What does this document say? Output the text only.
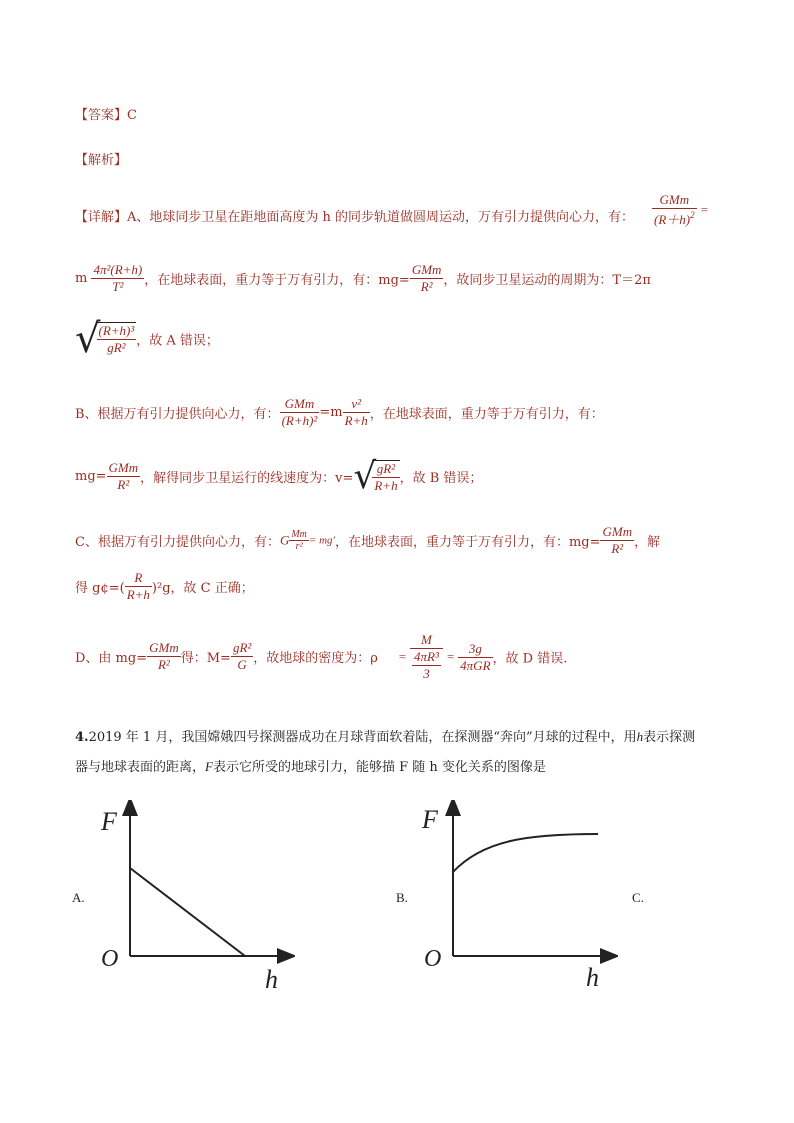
【答案】C
【解析】
【详解】A、地球同步卫星在距地面高度为 h 的同步轨道做圆周运动，万有引力提供向心力，有： $\frac{\text{GMm}}{(R+h)^2}$ =
m $\frac{\text{4π²(R+h)}}{\text{T²}}$ ，在地球表面，重力等于万有引力，有：$mg= \frac{\text{GMm}}{\text{R²}}$ ，故同步卫星运动的周期为：T＝2π
√
$\frac{\text{(R+h)³}}{\text{gR²}}$ ，故 A 错误；
B、根据万有引力提供向心力，有： $\frac{\text{GMm}}{\text{(R+h)²}} =m \frac{\text{v²}}{R+h}$ ，在地球表面，重力等于万有引力，有：
$mg= \frac{\text{GMm}}{\text{R²}}$ ，解得同步卫星运行的线速度为：v=√
$\frac{\text{gR²}}{R+h}$ ，故 B 错误；
C、根据万有引力提供向心力，有：G $\frac{Mm}{\text{r²}} = mg'$，在地球表面，重力等于万有引力，有：$mg= \frac{\text{GMm}}{\text{R²}}$ ，解
得 g¢=( $\frac{R}{R+h} )^2g$，故 C 正确；
D、由 $mg= \frac{\text{GMm}}{\text{R²}}$ 得：$M= \frac{\text{gR²}}{G}$ ，故地球的密度为：$\rho = \frac{M}{\frac{\text{4πR³}}{3}} = \frac{3g}{\text{4πGR}}$ ，故 D 错误.
4.2019 年 1 月，我国嫦娥四号探测器成功在月球背面软着陆，在探测器“奔向”月球的过程中，用h表示探测
器与地球表面的距离，F表示它所受的地球引力，能够描 F 随 h 变化关系的图像是
A.
F
O
h
B.
F
O
h
C.
